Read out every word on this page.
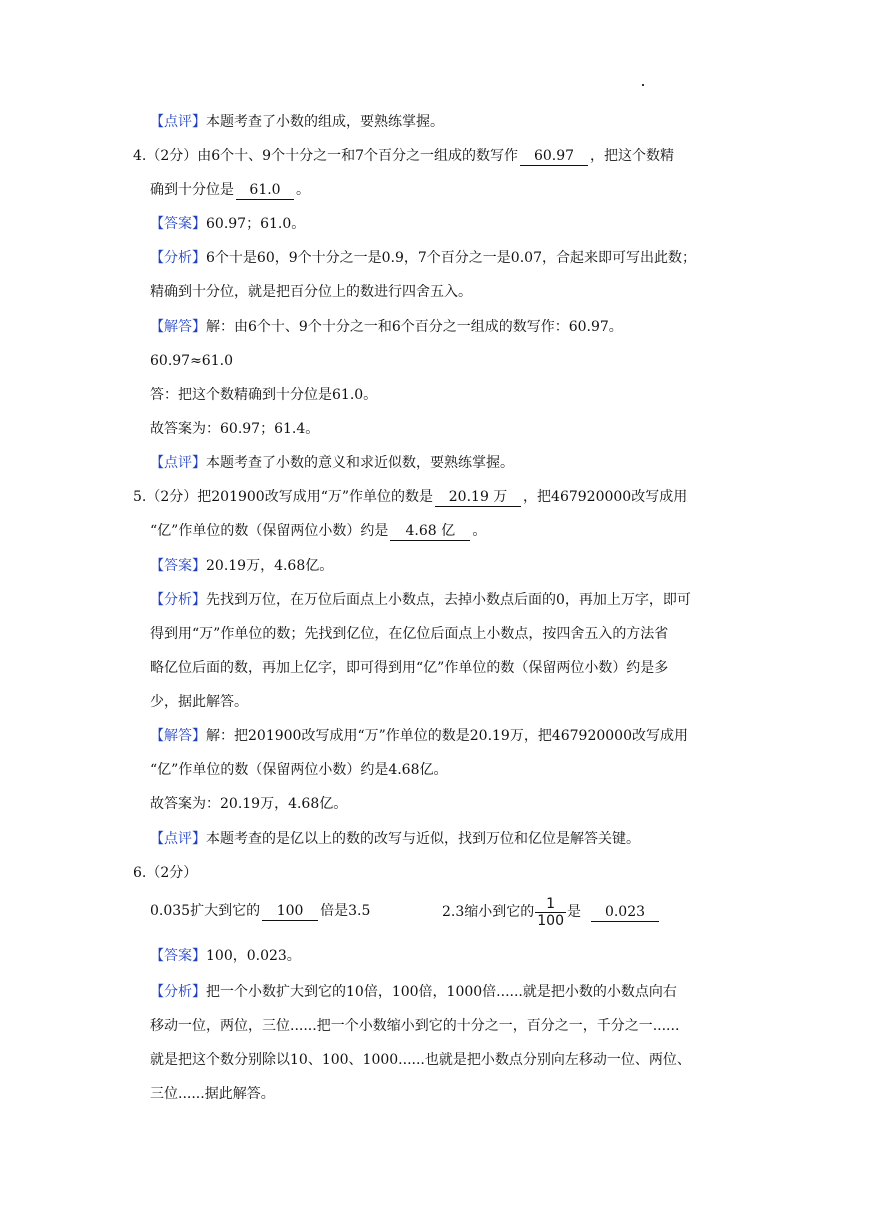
【点评】本题考查了小数的组成，要熟练掌握。
4.（2分）由6个十、9个十分之一和7个百分之一组成的数写作 60.97 ，把这个数精
确到十分位是 61.0 。
【答案】60.97；61.0。
【分析】6个十是60，9个十分之一是0.9，7个百分之一是0.07，合起来即可写出此数；
精确到十分位，就是把百分位上的数进行四舍五入。
【解答】解：由6个十、9个十分之一和6个百分之一组成的数写作：60.97。
60.97≈61.0
答：把这个数精确到十分位是61.0。
故答案为：60.97；61.4。
【点评】本题考查了小数的意义和求近似数，要熟练掌握。
5.（2分）把201900改写成用“万”作单位的数是 20.19 万 ，把467920000改写成用
“亿”作单位的数（保留两位小数）约是 4.68 亿 。
【答案】20.19万，4.68亿。
【分析】先找到万位，在万位后面点上小数点，去掉小数点后面的0，再加上万字，即可
得到用“万”作单位的数；先找到亿位，在亿位后面点上小数点，按四舍五入的方法省
略亿位后面的数，再加上亿字，即可得到用“亿”作单位的数（保留两位小数）约是多
少，据此解答。
【解答】解：把201900改写成用“万”作单位的数是20.19万，把467920000改写成用
“亿”作单位的数（保留两位小数）约是4.68亿。
故答案为：20.19万，4.68亿。
【点评】本题考查的是亿以上的数的改写与近似，找到万位和亿位是解答关键。
6.（2分）
0.035扩大到它的 100 倍是3.5	2.3缩小到它的 $\frac{1}{100}$ 是 0.023
【答案】100，0.023。
【分析】把一个小数扩大到它的10倍，100倍，1000倍......就是把小数的小数点向右
移动一位，两位，三位......把一个小数缩小到它的十分之一，百分之一，千分之一......
就是把这个数分别除以10、100、1000......也就是把小数点分别向左移动一位、两位、
三位......据此解答。
